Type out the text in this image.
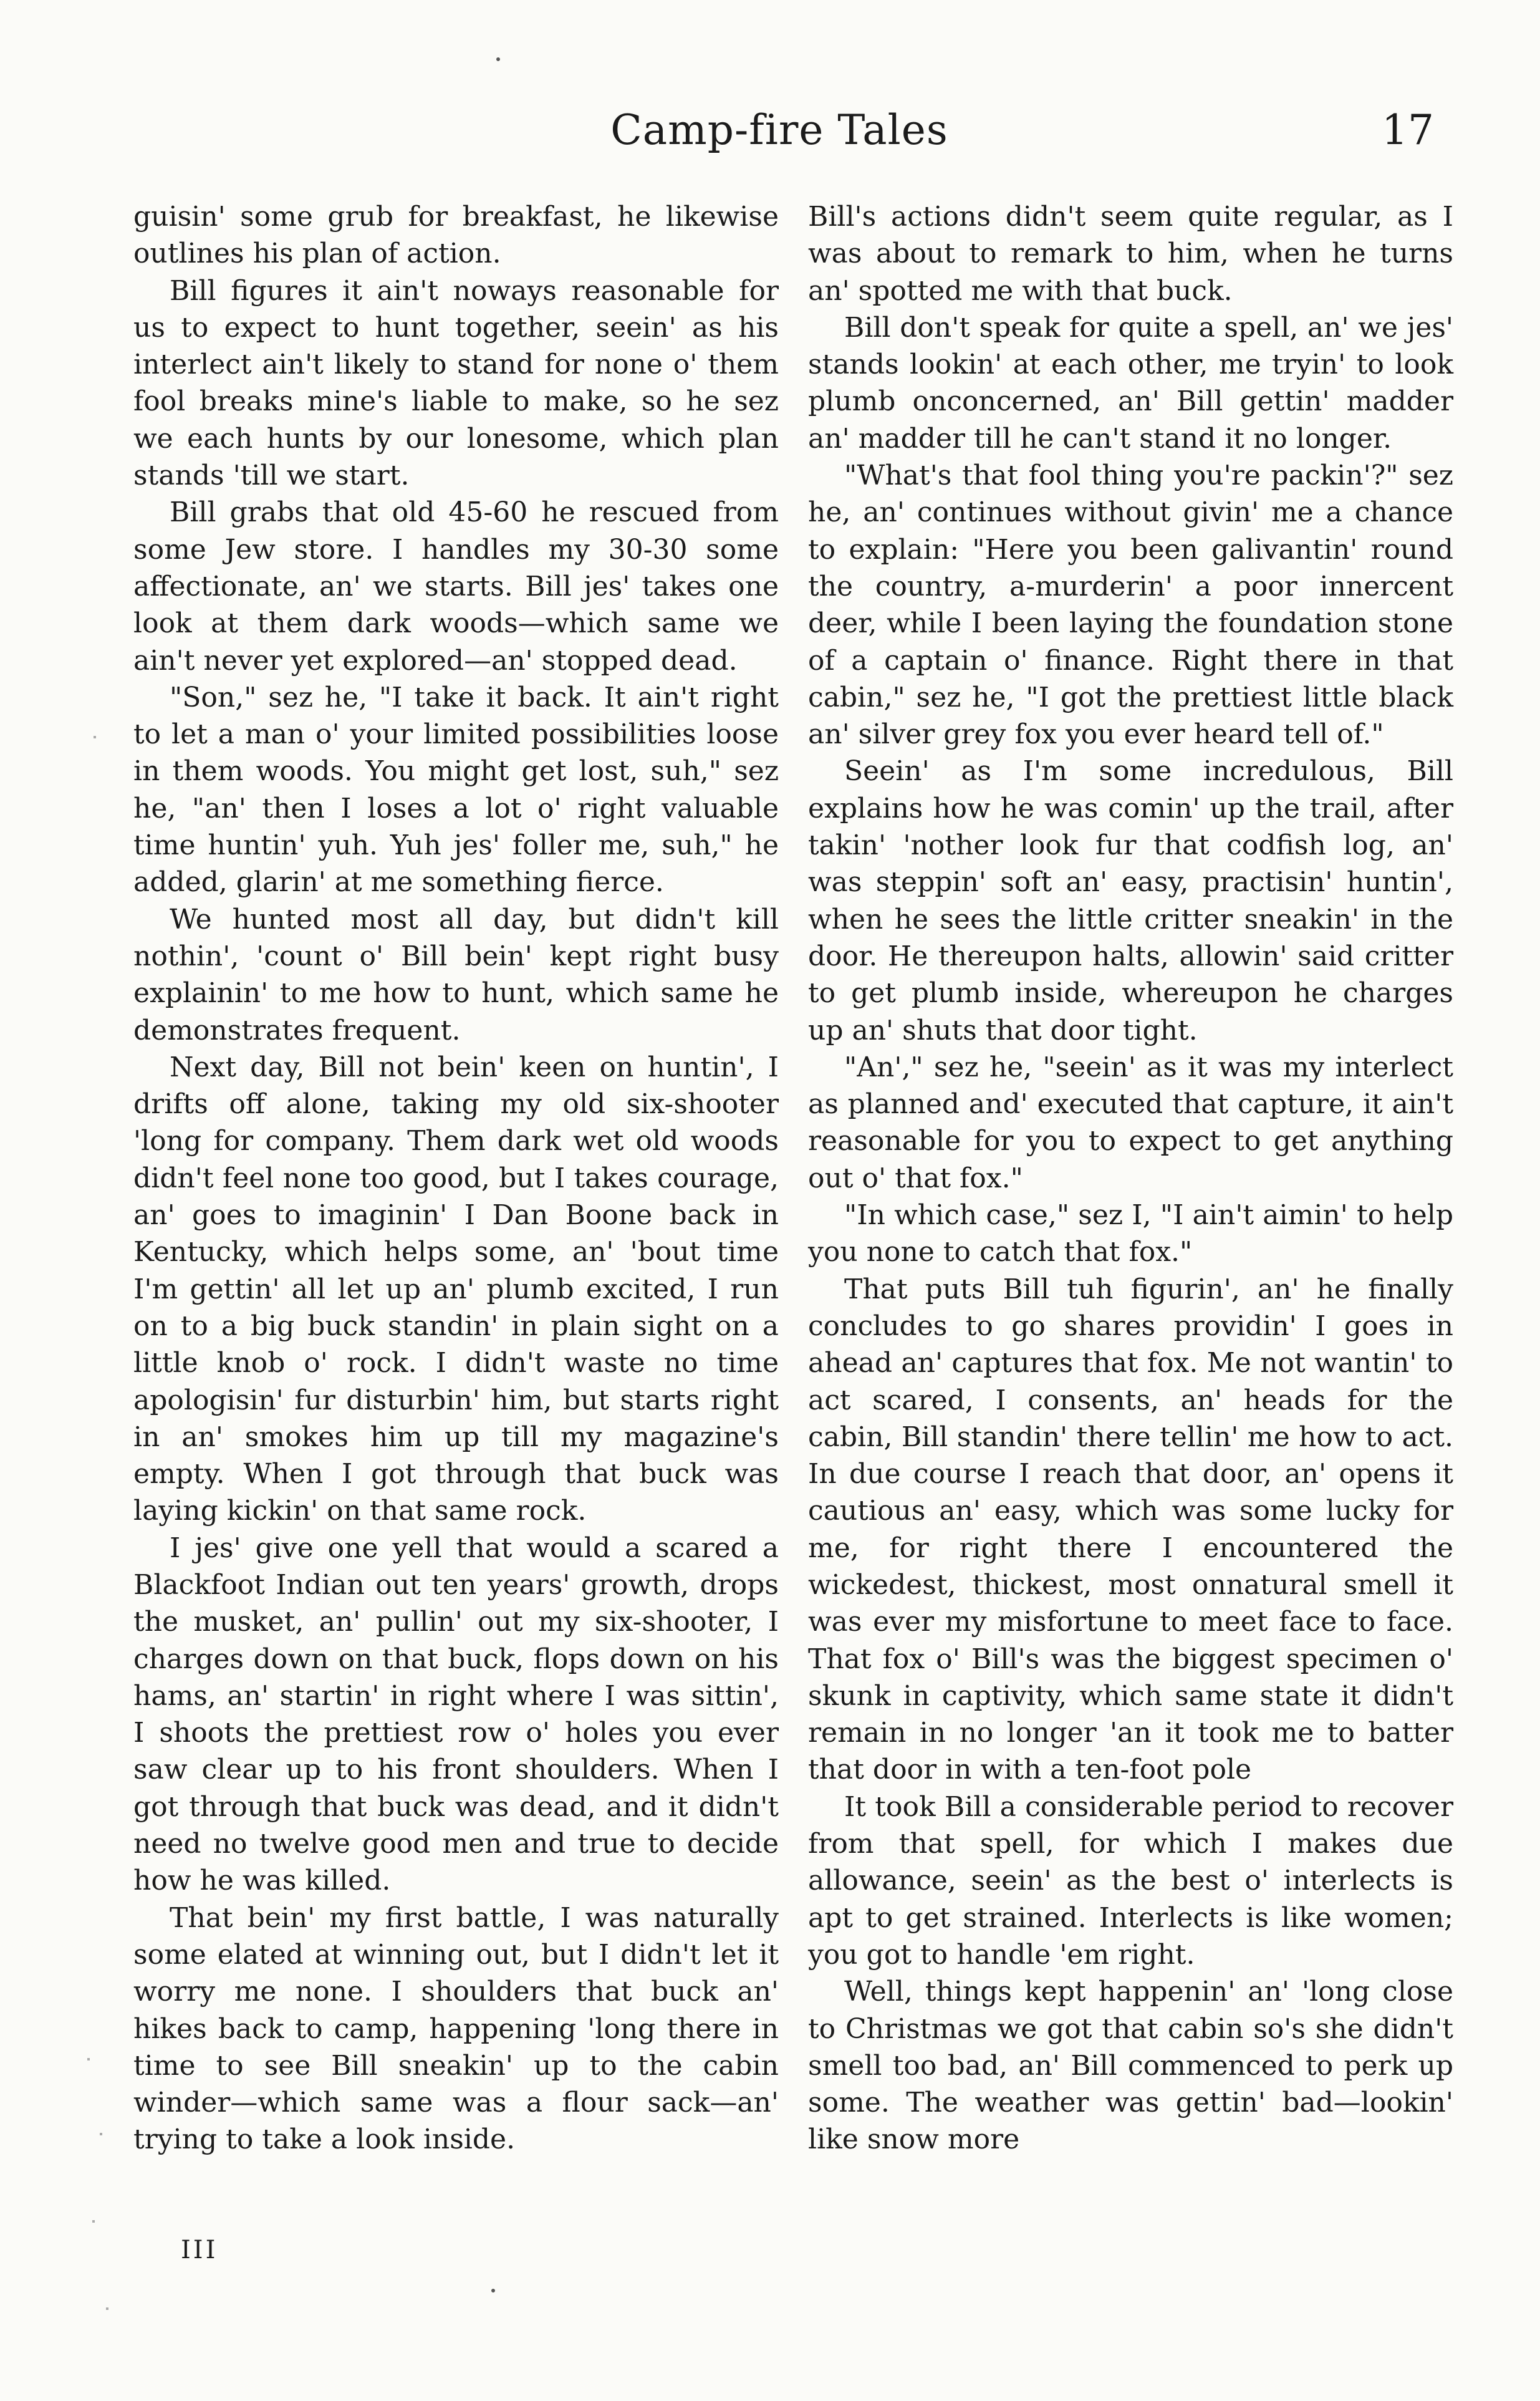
Camp-fire Tales	17

guisin' some grub for breakfast, he likewise outlines his plan of action.

Bill figures it ain't noways reasonable for us to expect to hunt together, seein' as his interlect ain't likely to stand for none o' them fool breaks mine's liable to make, so he sez we each hunts by our lonesome, which plan stands 'till we start.

Bill grabs that old 45-60 he rescued from some Jew store. I handles my 30-30 some affectionate, an' we starts. Bill jes' takes one look at them dark woods—which same we ain't never yet explored—an' stopped dead.

"Son," sez he, "I take it back. It ain't right to let a man o' your limited possibilities loose in them woods. You might get lost, suh," sez he, "an' then I loses a lot o' right valuable time huntin' yuh. Yuh jes' foller me, suh," he added, glarin' at me something fierce.

We hunted most all day, but didn't kill nothin', 'count o' Bill bein' kept right busy explainin' to me how to hunt, which same he demonstrates frequent.

Next day, Bill not bein' keen on huntin', I drifts off alone, taking my old six-shooter 'long for company. Them dark wet old woods didn't feel none too good, but I takes courage, an' goes to imaginin' I Dan Boone back in Kentucky, which helps some, an' 'bout time I'm gettin' all let up an' plumb excited, I run on to a big buck standin' in plain sight on a little knob o' rock. I didn't waste no time apologisin' fur disturbin' him, but starts right in an' smokes him up till my magazine's empty. When I got through that buck was laying kickin' on that same rock.

I jes' give one yell that would a scared a Blackfoot Indian out ten years' growth, drops the musket, an' pullin' out my six-shooter, I charges down on that buck, flops down on his hams, an' startin' in right where I was sittin', I shoots the prettiest row o' holes you ever saw clear up to his front shoulders. When I got through that buck was dead, and it didn't need no twelve good men and true to decide how he was killed.

That bein' my first battle, I was naturally some elated at winning out, but I didn't let it worry me none. I shoulders that buck an' hikes back to camp, happening 'long there in time to see Bill sneakin' up to the cabin winder—which same was a flour sack—an' trying to take a look inside.

Bill's actions didn't seem quite regular, as I was about to remark to him, when he turns an' spotted me with that buck.

Bill don't speak for quite a spell, an' we jes' stands lookin' at each other, me tryin' to look plumb onconcerned, an' Bill gettin' madder an' madder till he can't stand it no longer.

"What's that fool thing you're packin'?" sez he, an' continues without givin' me a chance to explain: "Here you been galivantin' round the country, a-murderin' a poor innercent deer, while I been laying the foundation stone of a captain o' finance. Right there in that cabin," sez he, "I got the prettiest little black an' silver grey fox you ever heard tell of."

Seein' as I'm some incredulous, Bill explains how he was comin' up the trail, after takin' 'nother look fur that codfish log, an' was steppin' soft an' easy, practisin' huntin', when he sees the little critter sneakin' in the door. He thereupon halts, allowin' said critter to get plumb inside, whereupon he charges up an' shuts that door tight.

"An'," sez he, "seein' as it was my interlect as planned and' executed that capture, it ain't reasonable for you to expect to get anything out o' that fox."

"In which case," sez I, "I ain't aimin' to help you none to catch that fox."

That puts Bill tuh figurin', an' he finally concludes to go shares providin' I goes in ahead an' captures that fox. Me not wantin' to act scared, I consents, an' heads for the cabin, Bill standin' there tellin' me how to act. In due course I reach that door, an' opens it cautious an' easy, which was some lucky for me, for right there I encountered the wickedest, thickest, most onnatural smell it was ever my misfortune to meet face to face. That fox o' Bill's was the biggest specimen o' skunk in captivity, which same state it didn't remain in no longer 'an it took me to batter that door in with a ten-foot pole

It took Bill a considerable period to recover from that spell, for which I makes due allowance, seein' as the best o' interlects is apt to get strained. Interlects is like women; you got to handle 'em right.

Well, things kept happenin' an' 'long close to Christmas we got that cabin so's she didn't smell too bad, an' Bill commenced to perk up some. The weather was gettin' bad—lookin' like snow more

III
